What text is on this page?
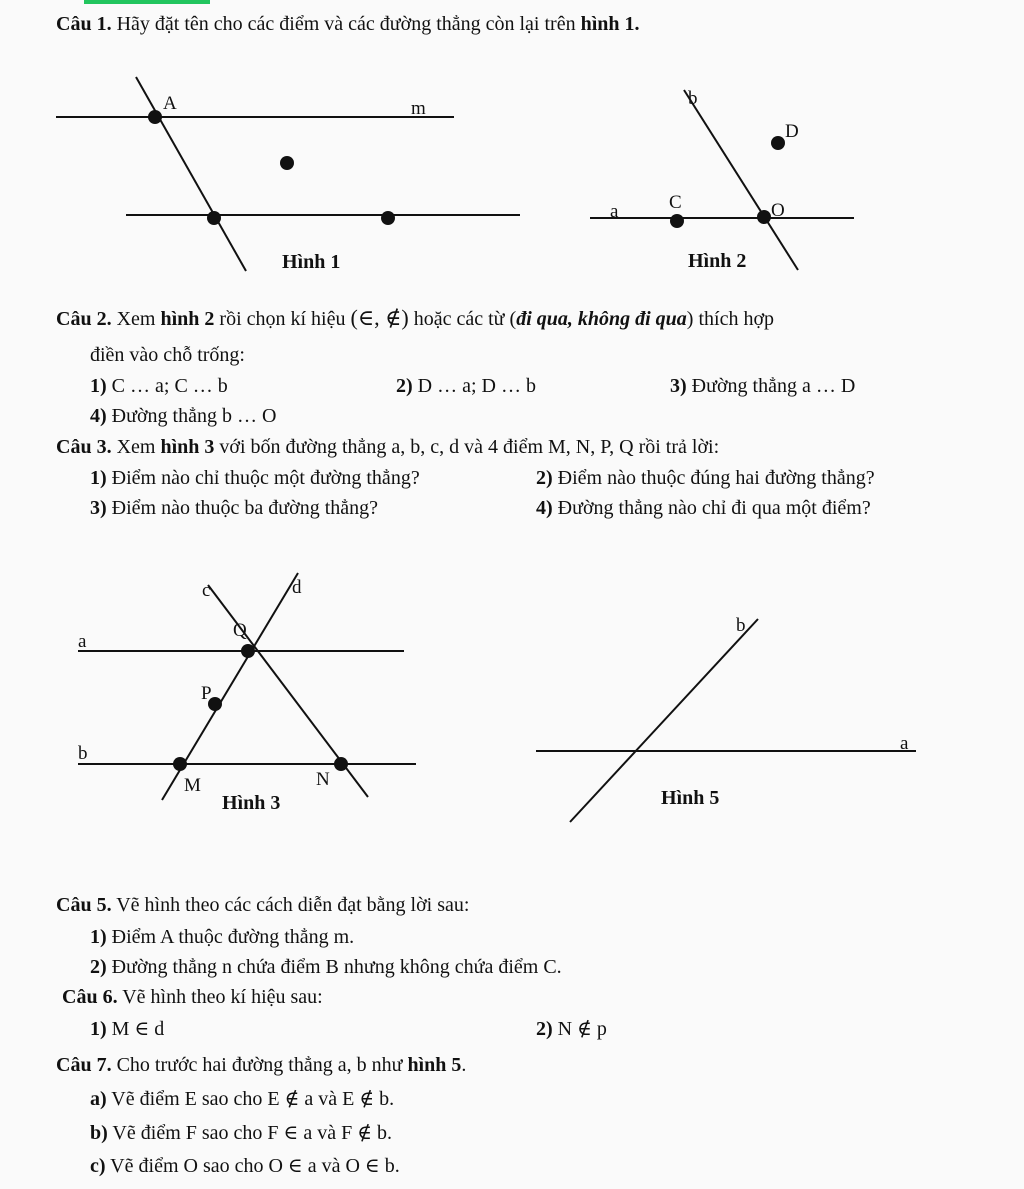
Câu 1. Hãy đặt tên cho các điểm và các đường thẳng còn lại trên hình 1.

A	m
Hình 1
b
D
a	C	O
Hình 2

Câu 2. Xem hình 2 rồi chọn kí hiệu (∈, ∉) hoặc các từ (đi qua, không đi qua) thích hợp

điền vào chỗ trống:

1) C … a; C … b	2) D … a; D … b	3) Đường thẳng a … D

4) Đường thẳng b … O

Câu 3. Xem hình 3 với bốn đường thẳng a, b, c, d và 4 điểm M, N, P, Q rồi trả lời:

1) Điểm nào chỉ thuộc một đường thẳng?	2) Điểm nào thuộc đúng hai đường thẳng?

3) Điểm nào thuộc ba đường thẳng?	4) Đường thẳng nào chỉ đi qua một điểm?

c	d
Q
a
P
b
M	N
Hình 3
b
a
Hình 5

Câu 5. Vẽ hình theo các cách diễn đạt bằng lời sau:

1) Điểm A thuộc đường thẳng m.

2) Đường thẳng n chứa điểm B nhưng không chứa điểm C.

Câu 6. Vẽ hình theo kí hiệu sau:

1) M ∈ d	2) N ∉ p

Câu 7. Cho trước hai đường thẳng a, b như hình 5.

a) Vẽ điểm E sao cho E ∉ a và E ∉ b.

b) Vẽ điểm F sao cho F ∈ a và F ∉ b.

c) Vẽ điểm O sao cho O ∈ a và O ∈ b.
